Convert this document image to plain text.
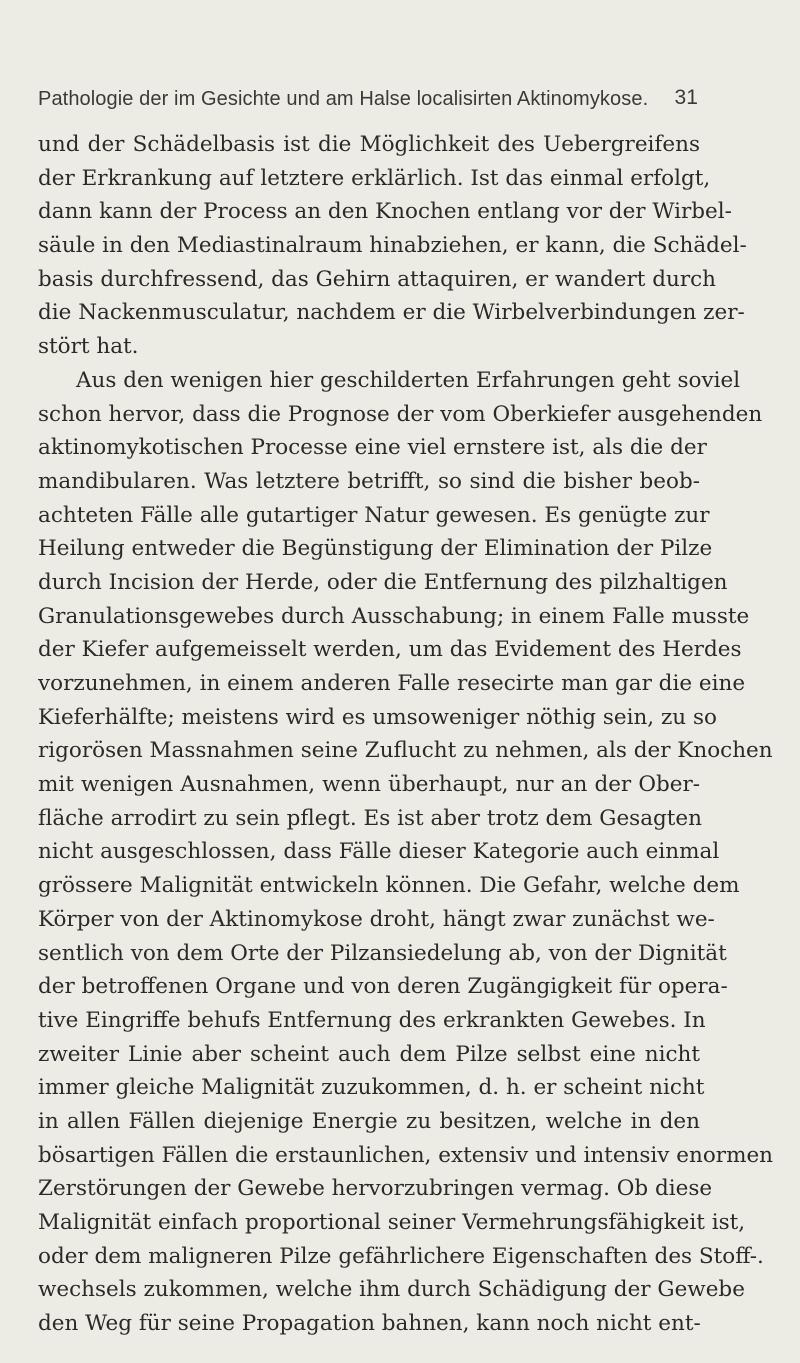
Pathologie der im Gesichte und am Halse localisirten Aktinomykose. 31
und der Schädelbasis ist die Möglichkeit des Uebergreifens
der Erkrankung auf letztere erklärlich. Ist das einmal erfolgt,
dann kann der Process an den Knochen entlang vor der Wirbel-
säule in den Mediastinalraum hinabziehen, er kann, die Schädel-
basis durchfressend, das Gehirn attaquiren, er wandert durch
die Nackenmusculatur, nachdem er die Wirbelverbindungen zer-
stört hat.
Aus den wenigen hier geschilderten Erfahrungen geht soviel
schon hervor, dass die Prognose der vom Oberkiefer ausgehenden
aktinomykotischen Processe eine viel ernstere ist, als die der
mandibularen. Was letztere betrifft, so sind die bisher beob-
achteten Fälle alle gutartiger Natur gewesen. Es genügte zur
Heilung entweder die Begünstigung der Elimination der Pilze
durch Incision der Herde, oder die Entfernung des pilzhaltigen
Granulationsgewebes durch Ausschabung; in einem Falle musste
der Kiefer aufgemeisselt werden, um das Evidement des Herdes
vorzunehmen, in einem anderen Falle resecirte man gar die eine
Kieferhälfte; meistens wird es umsoweniger nöthig sein, zu so
rigorösen Massnahmen seine Zuflucht zu nehmen, als der Knochen
mit wenigen Ausnahmen, wenn überhaupt, nur an der Ober-
fläche arrodirt zu sein pflegt. Es ist aber trotz dem Gesagten
nicht ausgeschlossen, dass Fälle dieser Kategorie auch einmal
grössere Malignität entwickeln können. Die Gefahr, welche dem
Körper von der Aktinomykose droht, hängt zwar zunächst we-
sentlich von dem Orte der Pilzansiedelung ab, von der Dignität
der betroffenen Organe und von deren Zugängigkeit für opera-
tive Eingriffe behufs Entfernung des erkrankten Gewebes. In
zweiter Linie aber scheint auch dem Pilze selbst eine nicht
immer gleiche Malignität zuzukommen, d. h. er scheint nicht
in allen Fällen diejenige Energie zu besitzen, welche in den
bösartigen Fällen die erstaunlichen, extensiv und intensiv enormen
Zerstörungen der Gewebe hervorzubringen vermag. Ob diese
Malignität einfach proportional seiner Vermehrungsfähigkeit ist,
oder dem maligneren Pilze gefährlichere Eigenschaften des Stoff-.
wechsels zukommen, welche ihm durch Schädigung der Gewebe
den Weg für seine Propagation bahnen, kann noch nicht ent-
